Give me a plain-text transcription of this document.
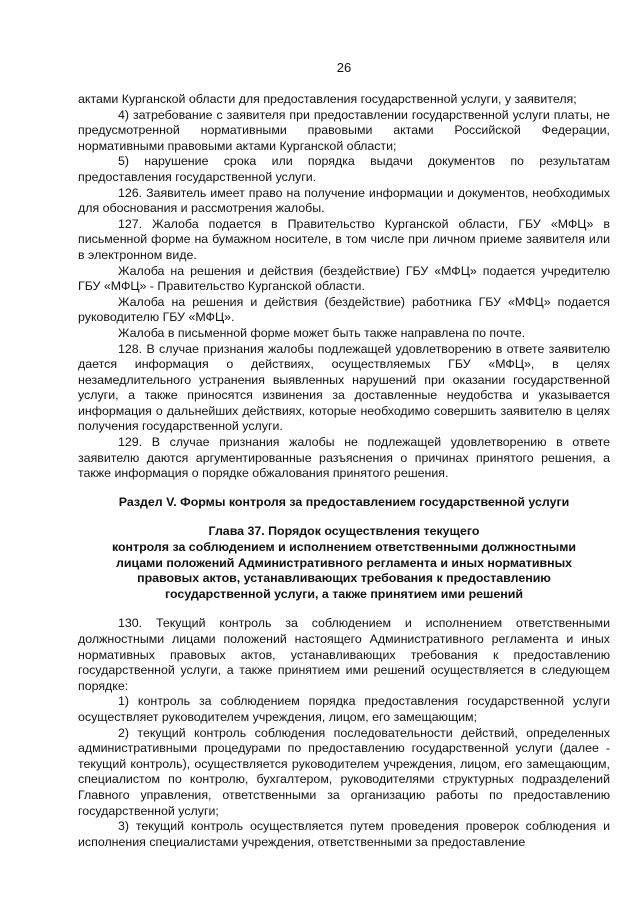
26

актами Курганской области для предоставления государственной услуги, у заявителя;

4) затребование с заявителя при предоставлении государственной услуги платы, не предусмотренной нормативными правовыми актами Российской Федерации, нормативными правовыми актами Курганской области;

5) нарушение срока или порядка выдачи документов по результатам предоставления государственной услуги.

126. Заявитель имеет право на получение информации и документов, необходимых для обоснования и рассмотрения жалобы.

127. Жалоба подается в Правительство Курганской области, ГБУ «МФЦ» в письменной форме на бумажном носителе, в том числе при личном приеме заявителя или в электронном виде.

Жалоба на решения и действия (бездействие) ГБУ «МФЦ» подается учредителю ГБУ «МФЦ» - Правительство Курганской области.

Жалоба на решения и действия (бездействие) работника ГБУ «МФЦ» подается руководителю ГБУ «МФЦ».

Жалоба в письменной форме может быть также направлена по почте.

128. В случае признания жалобы подлежащей удовлетворению в ответе заявителю дается информация о действиях, осуществляемых ГБУ «МФЦ», в целях незамедлительного устранения выявленных нарушений при оказании государственной услуги, а также приносятся извинения за доставленные неудобства и указывается информация о дальнейших действиях, которые необходимо совершить заявителю в целях получения государственной услуги.

129. В случае признания жалобы не подлежащей удовлетворению в ответе заявителю даются аргументированные разъяснения о причинах принятого решения, а также информация о порядке обжалования принятого решения.

Раздел V. Формы контроля за предоставлением государственной услуги
Глава 37. Порядок осуществления текущего
контроля за соблюдением и исполнением ответственными должностными
лицами положений Административного регламента и иных нормативных
правовых актов, устанавливающих требования к предоставлению
государственной услуги, а также принятием ими решений

130. Текущий контроль за соблюдением и исполнением ответственными должностными лицами положений настоящего Административного регламента и иных нормативных правовых актов, устанавливающих требования к предоставлению государственной услуги, а также принятием ими решений осуществляется в следующем порядке:

1) контроль за соблюдением порядка предоставления государственной услуги осуществляет руководителем учреждения, лицом, его замещающим;

2) текущий контроль соблюдения последовательности действий, определенных административными процедурами по предоставлению государственной услуги (далее - текущий контроль), осуществляется руководителем учреждения, лицом, его замещающим, специалистом по контролю, бухгалтером, руководителями структурных подразделений Главного управления, ответственными за организацию работы по предоставлению государственной услуги;

3) текущий контроль осуществляется путем проведения проверок соблюдения и исполнения специалистами учреждения, ответственными за предоставление
